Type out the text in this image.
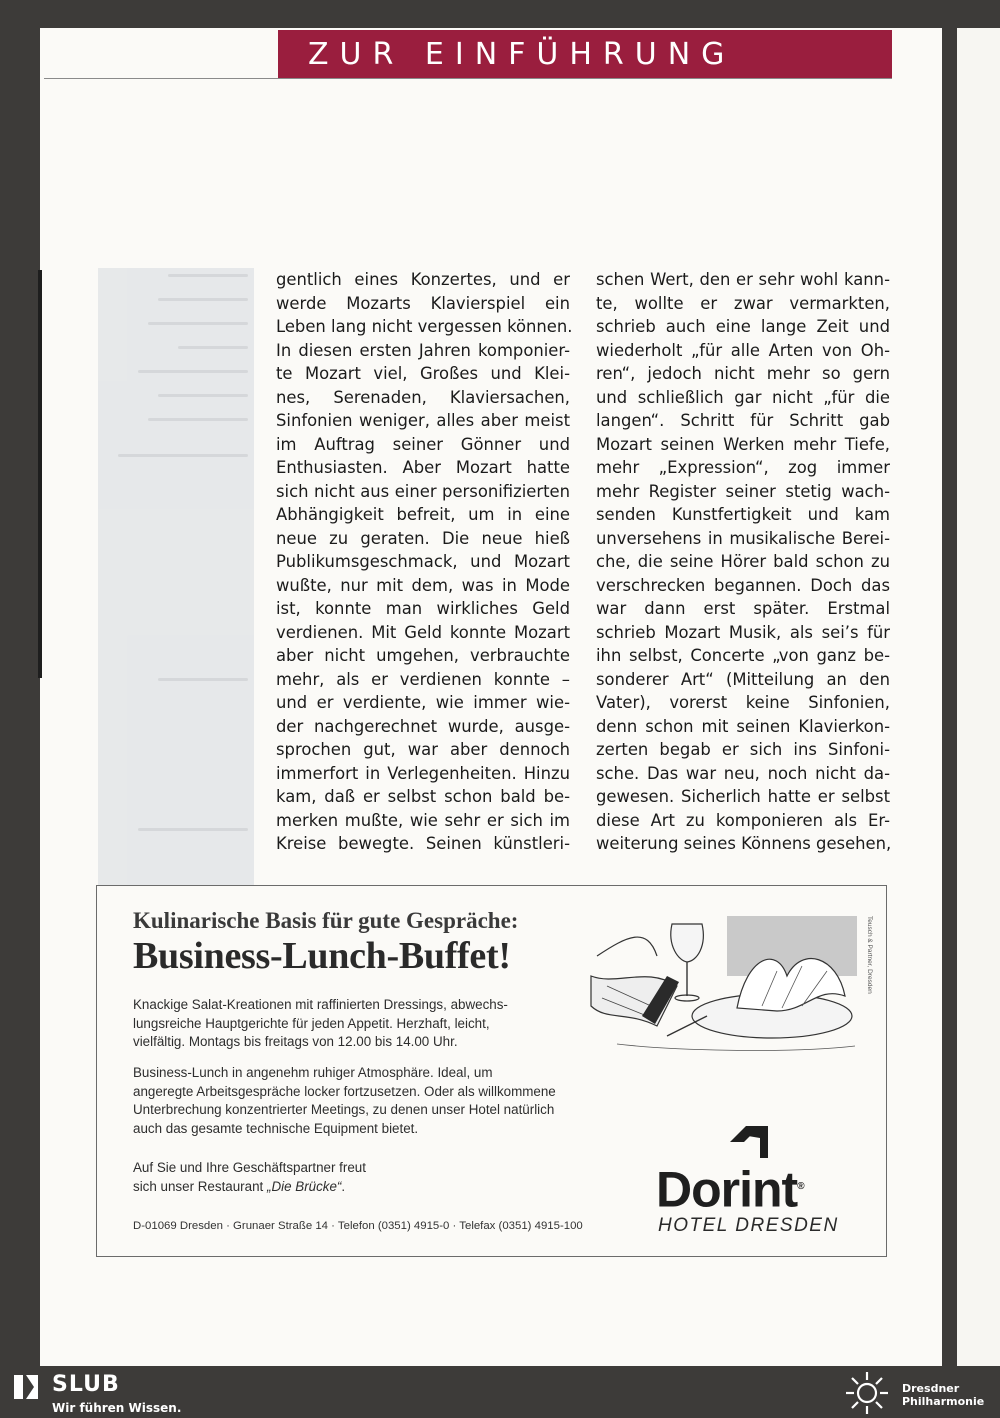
ZUR EINFÜHRUNG
gentlich eines Konzertes, und er
werde Mozarts Klavierspiel ein
Leben lang nicht vergessen können.
In diesen ersten Jahren komponier-
te Mozart viel, Großes und Klei-
nes, Serenaden, Klaviersachen,
Sinfonien weniger, alles aber meist
im Auftrag seiner Gönner und
Enthusiasten. Aber Mozart hatte
sich nicht aus einer personifizierten
Abhängigkeit befreit, um in eine
neue zu geraten. Die neue hieß
Publikumsgeschmack, und Mozart
wußte, nur mit dem, was in Mode
ist, konnte man wirkliches Geld
verdienen. Mit Geld konnte Mozart
aber nicht umgehen, verbrauchte
mehr, als er verdienen konnte –
und er verdiente, wie immer wie-
der nachgerechnet wurde, ausge-
sprochen gut, war aber dennoch
immerfort in Verlegenheiten. Hinzu
kam, daß er selbst schon bald be-
merken mußte, wie sehr er sich im
Kreise bewegte. Seinen künstleri-
schen Wert, den er sehr wohl kann-
te, wollte er zwar vermarkten,
schrieb auch eine lange Zeit und
wiederholt „für alle Arten von Oh-
ren“, jedoch nicht mehr so gern
und schließlich gar nicht „für die
langen“. Schritt für Schritt gab
Mozart seinen Werken mehr Tiefe,
mehr „Expression“, zog immer
mehr Register seiner stetig wach-
senden Kunstfertigkeit und kam
unversehens in musikalische Berei-
che, die seine Hörer bald schon zu
verschrecken begannen. Doch das
war dann erst später. Erstmal
schrieb Mozart Musik, als sei’s für
ihn selbst, Concerte „von ganz be-
sonderer Art“ (Mitteilung an den
Vater), vorerst keine Sinfonien,
denn schon mit seinen Klavierkon-
zerten begab er sich ins Sinfoni-
sche. Das war neu, noch nicht da-
gewesen. Sicherlich hatte er selbst
diese Art zu komponieren als Er-
weiterung seines Könnens gesehen,
Kulinarische Basis für gute Gespräche:
Business-Lunch-Buffet!
Knackige Salat-Kreationen mit raffinierten Dressings, abwechs-
lungsreiche Hauptgerichte für jeden Appetit. Herzhaft, leicht,
vielfältig. Montags bis freitags von 12.00 bis 14.00 Uhr.
Business-Lunch in angenehm ruhiger Atmosphäre. Ideal, um
angeregte Arbeitsgespräche locker fortzusetzen. Oder als willkommene
Unterbrechung konzentrierter Meetings, zu denen unser Hotel natürlich
auch das gesamte technische Equipment bietet.
Auf Sie und Ihre Geschäftspartner freut
sich unser Restaurant „Die Brücke“.
D-01069 Dresden · Grunaer Straße 14 · Telefon (0351) 4915-0 · Telefax (0351) 4915-100
Teusch & Partner, Dresden
Dorint®
HOTEL DRESDEN
SLUB
Wir führen Wissen.
Dresdner
Philharmonie
